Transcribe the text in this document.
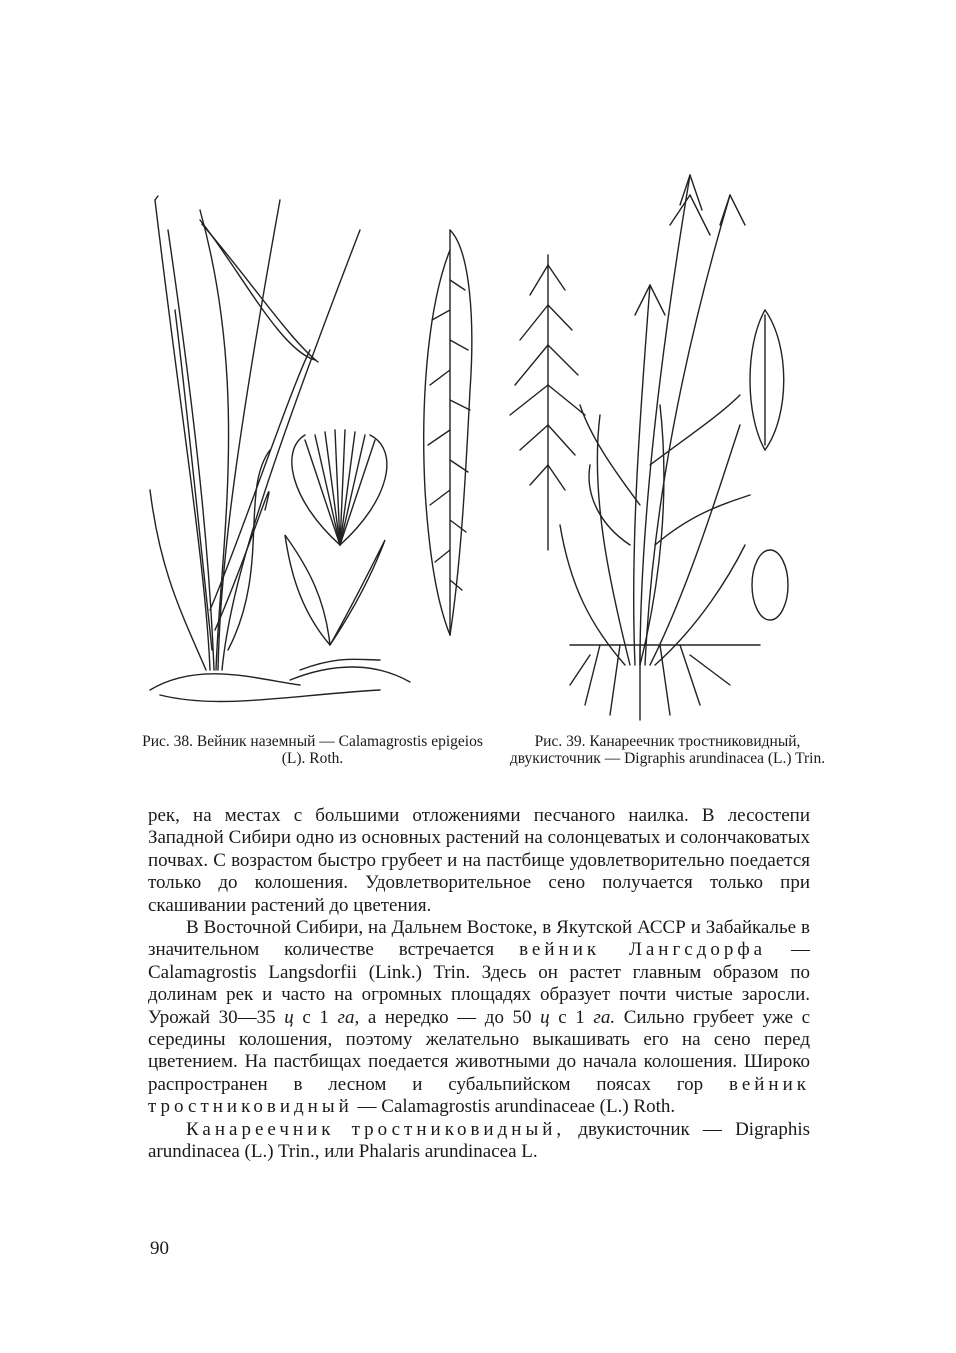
Рис. 38. Вейник наземный — Calamagrostis epigeios (L). Roth.
Рис. 39. Канареечник тростниковидный, двукисточник — Digraphis arundinacea (L.) Trin.

рек, на местах с большими отложениями песчаного наилка. В лесостепи Западной Сибири одно из основных растений на солонцеватых и солончаковатых почвах. С возрастом быстро грубеет и на пастбище удовлетворительно поедается только до колошения. Удовлетворительное сено получается только при скашивании растений до цветения.

В Восточной Сибири, на Дальнем Востоке, в Якутской АССР и Забайкалье в значительном количестве встречается вейник Лангсдорфа — Calamagrostis Langsdorfii (Link.) Trin. Здесь он растет главным образом по долинам рек и часто на огромных площадях образует почти чистые заросли. Урожай 30—35 ц с 1 га, а нередко — до 50 ц с 1 га. Сильно грубеет уже с середины колошения, поэтому желательно выкашивать его на сено перед цветением. На пастбищах поедается животными до начала колошения. Широко распространен в лесном и субальпийском поясах гор вейник тростниковидный — Calamagrostis arundinaceae (L.) Roth.

Канареечник тростниковидный, двукисточник — Digraphis arundinacea (L.) Trin., или Phalaris arundinacea L.

90
